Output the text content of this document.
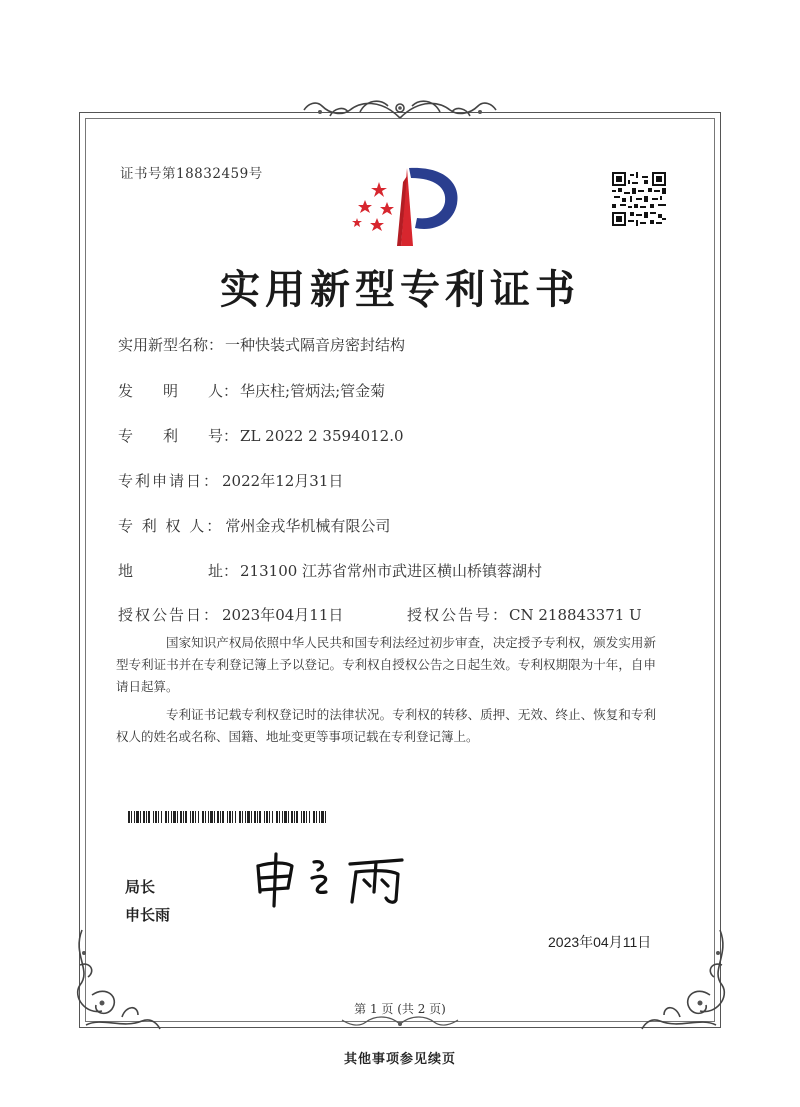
证书号第18832459号
实用新型专利证书
实用新型名称： 一种快装式隔音房密封结构
发　　明　　人： 华庆柱;管炳法;管金菊
专　　利　　号： ZL 2022 2 3594012.0
专利申请日： 2022年12月31日
专 利 权 人： 常州金戎华机械有限公司
地　　　　　址： 213100 江苏省常州市武进区横山桥镇蓉湖村
授权公告日： 2023年04月11日	授权公告号：CN 218843371 U
国家知识产权局依照中华人民共和国专利法经过初步审查，决定授予专利权，颁发实用新型专利证书并在专利登记簿上予以登记。专利权自授权公告之日起生效。专利权期限为十年，自申请日起算。
专利证书记载专利权登记时的法律状况。专利权的转移、质押、无效、终止、恢复和专利权人的姓名或名称、国籍、地址变更等事项记载在专利登记簿上。
局长
申长雨
2023年04月11日
第 1 页 (共 2 页)
其他事项参见续页
